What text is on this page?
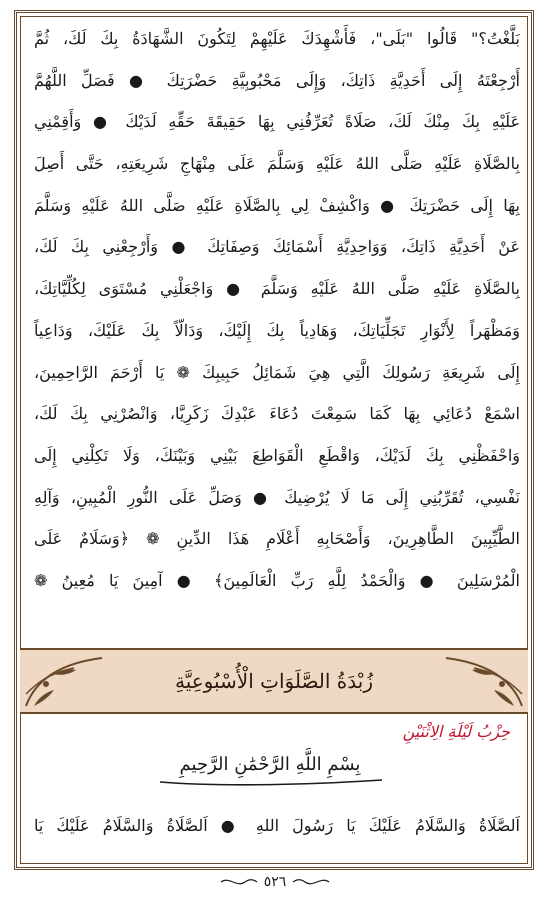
بَلَّغْتُ؟" قَالُوا "بَلَى"، فَأَشْهِدَكَ عَلَيْهِمْ لِتَكُونَ الشَّهَادَةُ بِكَ لَكَ، ثُمَّ
أَرْجِعْتَهُ إِلَى أَحَدِيَّةِ ذَاتِكَ، وَإِلَى مَحْبُوبِيَّةِ حَضْرَتِكَ ● فَصَلِّ اللَّهُمَّ
عَلَيْهِ بِكَ مِنْكَ لَكَ، صَلَاةً تُعَرِّفُنِي بِهَا حَقِيقَةَ حَقِّهِ لَدَيْكَ ● وَأَقِمْنِي
بِالصَّلَاةِ عَلَيْهِ صَلَّى اللهُ عَلَيْهِ وَسَلَّمَ عَلَى مِنْهَاجِ شَرِيعَتِهِ، حَتَّى أَصِلَ
بِهَا إِلَى حَضْرَتِكَ ● وَاكْشِفْ لِي بِالصَّلَاةِ عَلَيْهِ صَلَّى اللهُ عَلَيْهِ وَسَلَّمَ
عَنْ أَحَدِيَّةِ ذَاتِكَ، وَوَاحِدِيَّةِ أَسْمَائِكَ وَصِفَاتِكَ ● وَأَرْجِعْنِي بِكَ لَكَ،
بِالصَّلَاةِ عَلَيْهِ صَلَّى اللهُ عَلَيْهِ وَسَلَّمَ ● وَاجْعَلْنِي مُسْتَوَى لِكُلِّيَّاتِكَ،
وَمَظْهَراً لِأَنْوَارِ تَجَلِّيَاتِكَ، وَهَادِياً بِكَ إِلَيْكَ، وَدَالّاً بِكَ عَلَيْكَ، وَدَاعِياً
إِلَى شَرِيعَةِ رَسُولِكَ الَّتِي هِيَ شَمَائِلُ حَبِيبِكَ ❁ يَا أَرْحَمَ الرَّاحِمِينَ،
اسْمَعْ دُعَائِي بِهَا كَمَا سَمِعْتَ دُعَاءَ عَبْدِكَ زَكَرِيَّا، وَانْصُرْنِي بِكَ لَكَ،
وَاحْفَظْنِي بِكَ لَدَيْكَ، وَاقْطَعِ الْقَوَاطِعَ بَيْنِي وَبَيْنَكَ، وَلَا تَكِلْنِي إِلَى
نَفْسِي، تُقَرِّبُنِي إِلَى مَا لَا يُرْضِيكَ ● وَصَلِّ عَلَى النُّورِ الْمُبِينِ، وَآلِهِ
الطَّيِّبِينَ الطَّاهِرِينَ، وَأَصْحَابِهِ أَعْلَامِ هَذَا الدِّينِ ❁ ﴿وَسَلَامٌ عَلَى
الْمُرْسَلِينَ ● وَالْحَمْدُ لِلَّهِ رَبِّ الْعَالَمِينَ﴾ ● آمِينَ يَا مُعِينُ ❁
زُبْدَةُ الصَّلَوَاتِ الْأُسْبُوعِيَّةِ
حِزْبُ لَيْلَةِ الِاثْنَيْنِ
بِسْمِ اللَّهِ الرَّحْمَٰنِ الرَّحِيمِ
اَلصَّلَاةُ وَالسَّلَامُ عَلَيْكَ يَا رَسُولَ اللهِ ● اَلصَّلَاةُ وَالسَّلَامُ عَلَيْكَ يَا
٥٢٦
